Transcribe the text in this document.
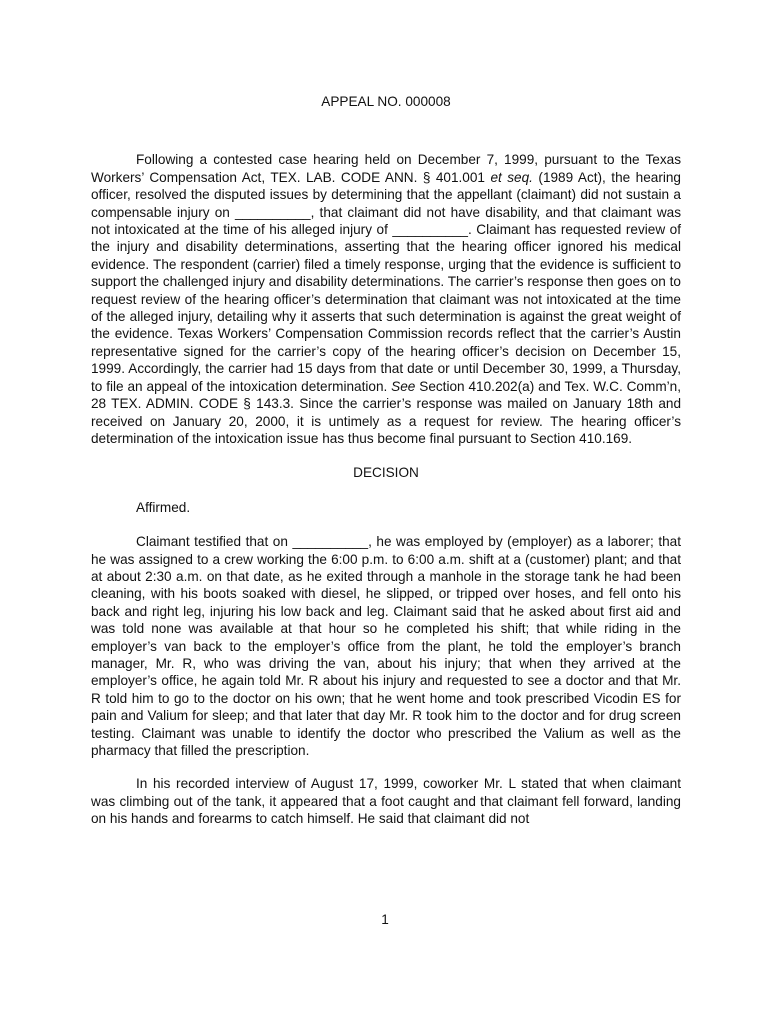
APPEAL NO. 000008

Following a contested case hearing held on December 7, 1999, pursuant to the Texas Workers’ Compensation Act, TEX. LAB. CODE ANN. § 401.001 et seq. (1989 Act), the hearing officer, resolved the disputed issues by determining that the appellant (claimant) did not sustain a compensable injury on __________, that claimant did not have disability, and that claimant was not intoxicated at the time of his alleged injury of __________. Claimant has requested review of the injury and disability determinations, asserting that the hearing officer ignored his medical evidence. The respondent (carrier) filed a timely response, urging that the evidence is sufficient to support the challenged injury and disability determinations. The carrier’s response then goes on to request review of the hearing officer’s determination that claimant was not intoxicated at the time of the alleged injury, detailing why it asserts that such determination is against the great weight of the evidence. Texas Workers’ Compensation Commission records reflect that the carrier’s Austin representative signed for the carrier’s copy of the hearing officer’s decision on December 15, 1999. Accordingly, the carrier had 15 days from that date or until December 30, 1999, a Thursday, to file an appeal of the intoxication determination. See Section 410.202(a) and Tex. W.C. Comm’n, 28 TEX. ADMIN. CODE § 143.3. Since the carrier’s response was mailed on January 18th and received on January 20, 2000, it is untimely as a request for review. The hearing officer’s determination of the intoxication issue has thus become final pursuant to Section 410.169.

DECISION

Affirmed.

Claimant testified that on __________, he was employed by (employer) as a laborer; that he was assigned to a crew working the 6:00 p.m. to 6:00 a.m. shift at a (customer) plant; and that at about 2:30 a.m. on that date, as he exited through a manhole in the storage tank he had been cleaning, with his boots soaked with diesel, he slipped, or tripped over hoses, and fell onto his back and right leg, injuring his low back and leg. Claimant said that he asked about first aid and was told none was available at that hour so he completed his shift; that while riding in the employer’s van back to the employer’s office from the plant, he told the employer’s branch manager, Mr. R, who was driving the van, about his injury; that when they arrived at the employer’s office, he again told Mr. R about his injury and requested to see a doctor and that Mr. R told him to go to the doctor on his own; that he went home and took prescribed Vicodin ES for pain and Valium for sleep; and that later that day Mr. R took him to the doctor and for drug screen testing. Claimant was unable to identify the doctor who prescribed the Valium as well as the pharmacy that filled the prescription.

In his recorded interview of August 17, 1999, coworker Mr. L stated that when claimant was climbing out of the tank, it appeared that a foot caught and that claimant fell forward, landing on his hands and forearms to catch himself. He said that claimant did not

1
